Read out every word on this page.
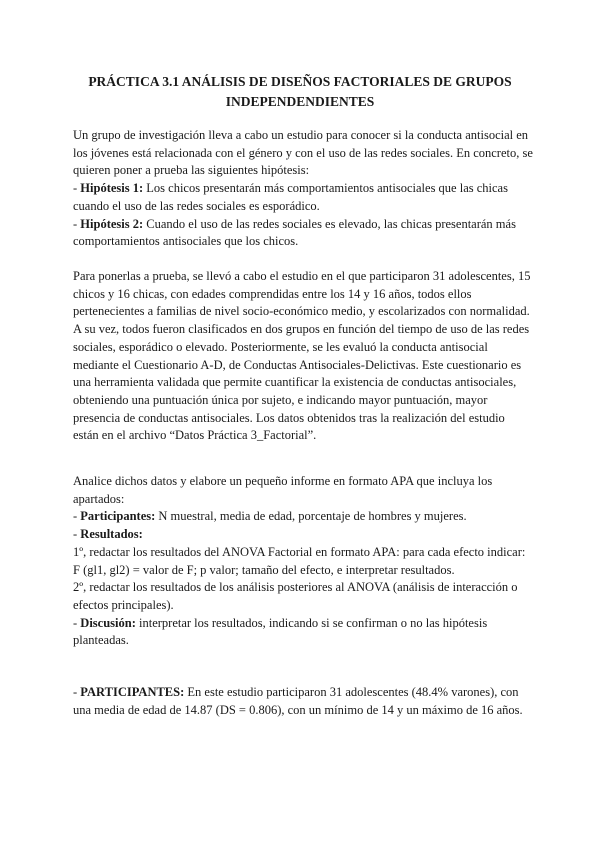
PRÁCTICA 3.1 ANÁLISIS DE DISEÑOS FACTORIALES DE GRUPOS INDEPENDENDIENTES

Un grupo de investigación lleva a cabo un estudio para conocer si la conducta antisocial en los jóvenes está relacionada con el género y con el uso de las redes sociales. En concreto, se quieren poner a prueba las siguientes hipótesis:

- Hipótesis 1: Los chicos presentarán más comportamientos antisociales que las chicas cuando el uso de las redes sociales es esporádico.

- Hipótesis 2: Cuando el uso de las redes sociales es elevado, las chicas presentarán más comportamientos antisociales que los chicos.

Para ponerlas a prueba, se llevó a cabo el estudio en el que participaron 31 adolescentes, 15 chicos y 16 chicas, con edades comprendidas entre los 14 y 16 años, todos ellos pertenecientes a familias de nivel socio-económico medio, y escolarizados con normalidad. A su vez, todos fueron clasificados en dos grupos en función del tiempo de uso de las redes sociales, esporádico o elevado. Posteriormente, se les evaluó la conducta antisocial mediante el Cuestionario A-D, de Conductas Antisociales-Delictivas. Este cuestionario es una herramienta validada que permite cuantificar la existencia de conductas antisociales, obteniendo una puntuación única por sujeto, e indicando mayor puntuación, mayor presencia de conductas antisociales. Los datos obtenidos tras la realización del estudio están en el archivo “Datos Práctica 3_Factorial”.

Analice dichos datos y elabore un pequeño informe en formato APA que incluya los apartados:

- Participantes: N muestral, media de edad, porcentaje de hombres y mujeres.

- Resultados:

1º, redactar los resultados del ANOVA Factorial en formato APA: para cada efecto indicar: F (gl1, gl2) = valor de F; p valor; tamaño del efecto, e interpretar resultados.

2º, redactar los resultados de los análisis posteriores al ANOVA (análisis de interacción o efectos principales).

- Discusión: interpretar los resultados, indicando si se confirman o no las hipótesis planteadas.

- PARTICIPANTES: En este estudio participaron 31 adolescentes (48.4% varones), con una media de edad de 14.87 (DS = 0.806), con un mínimo de 14 y un máximo de 16 años.
